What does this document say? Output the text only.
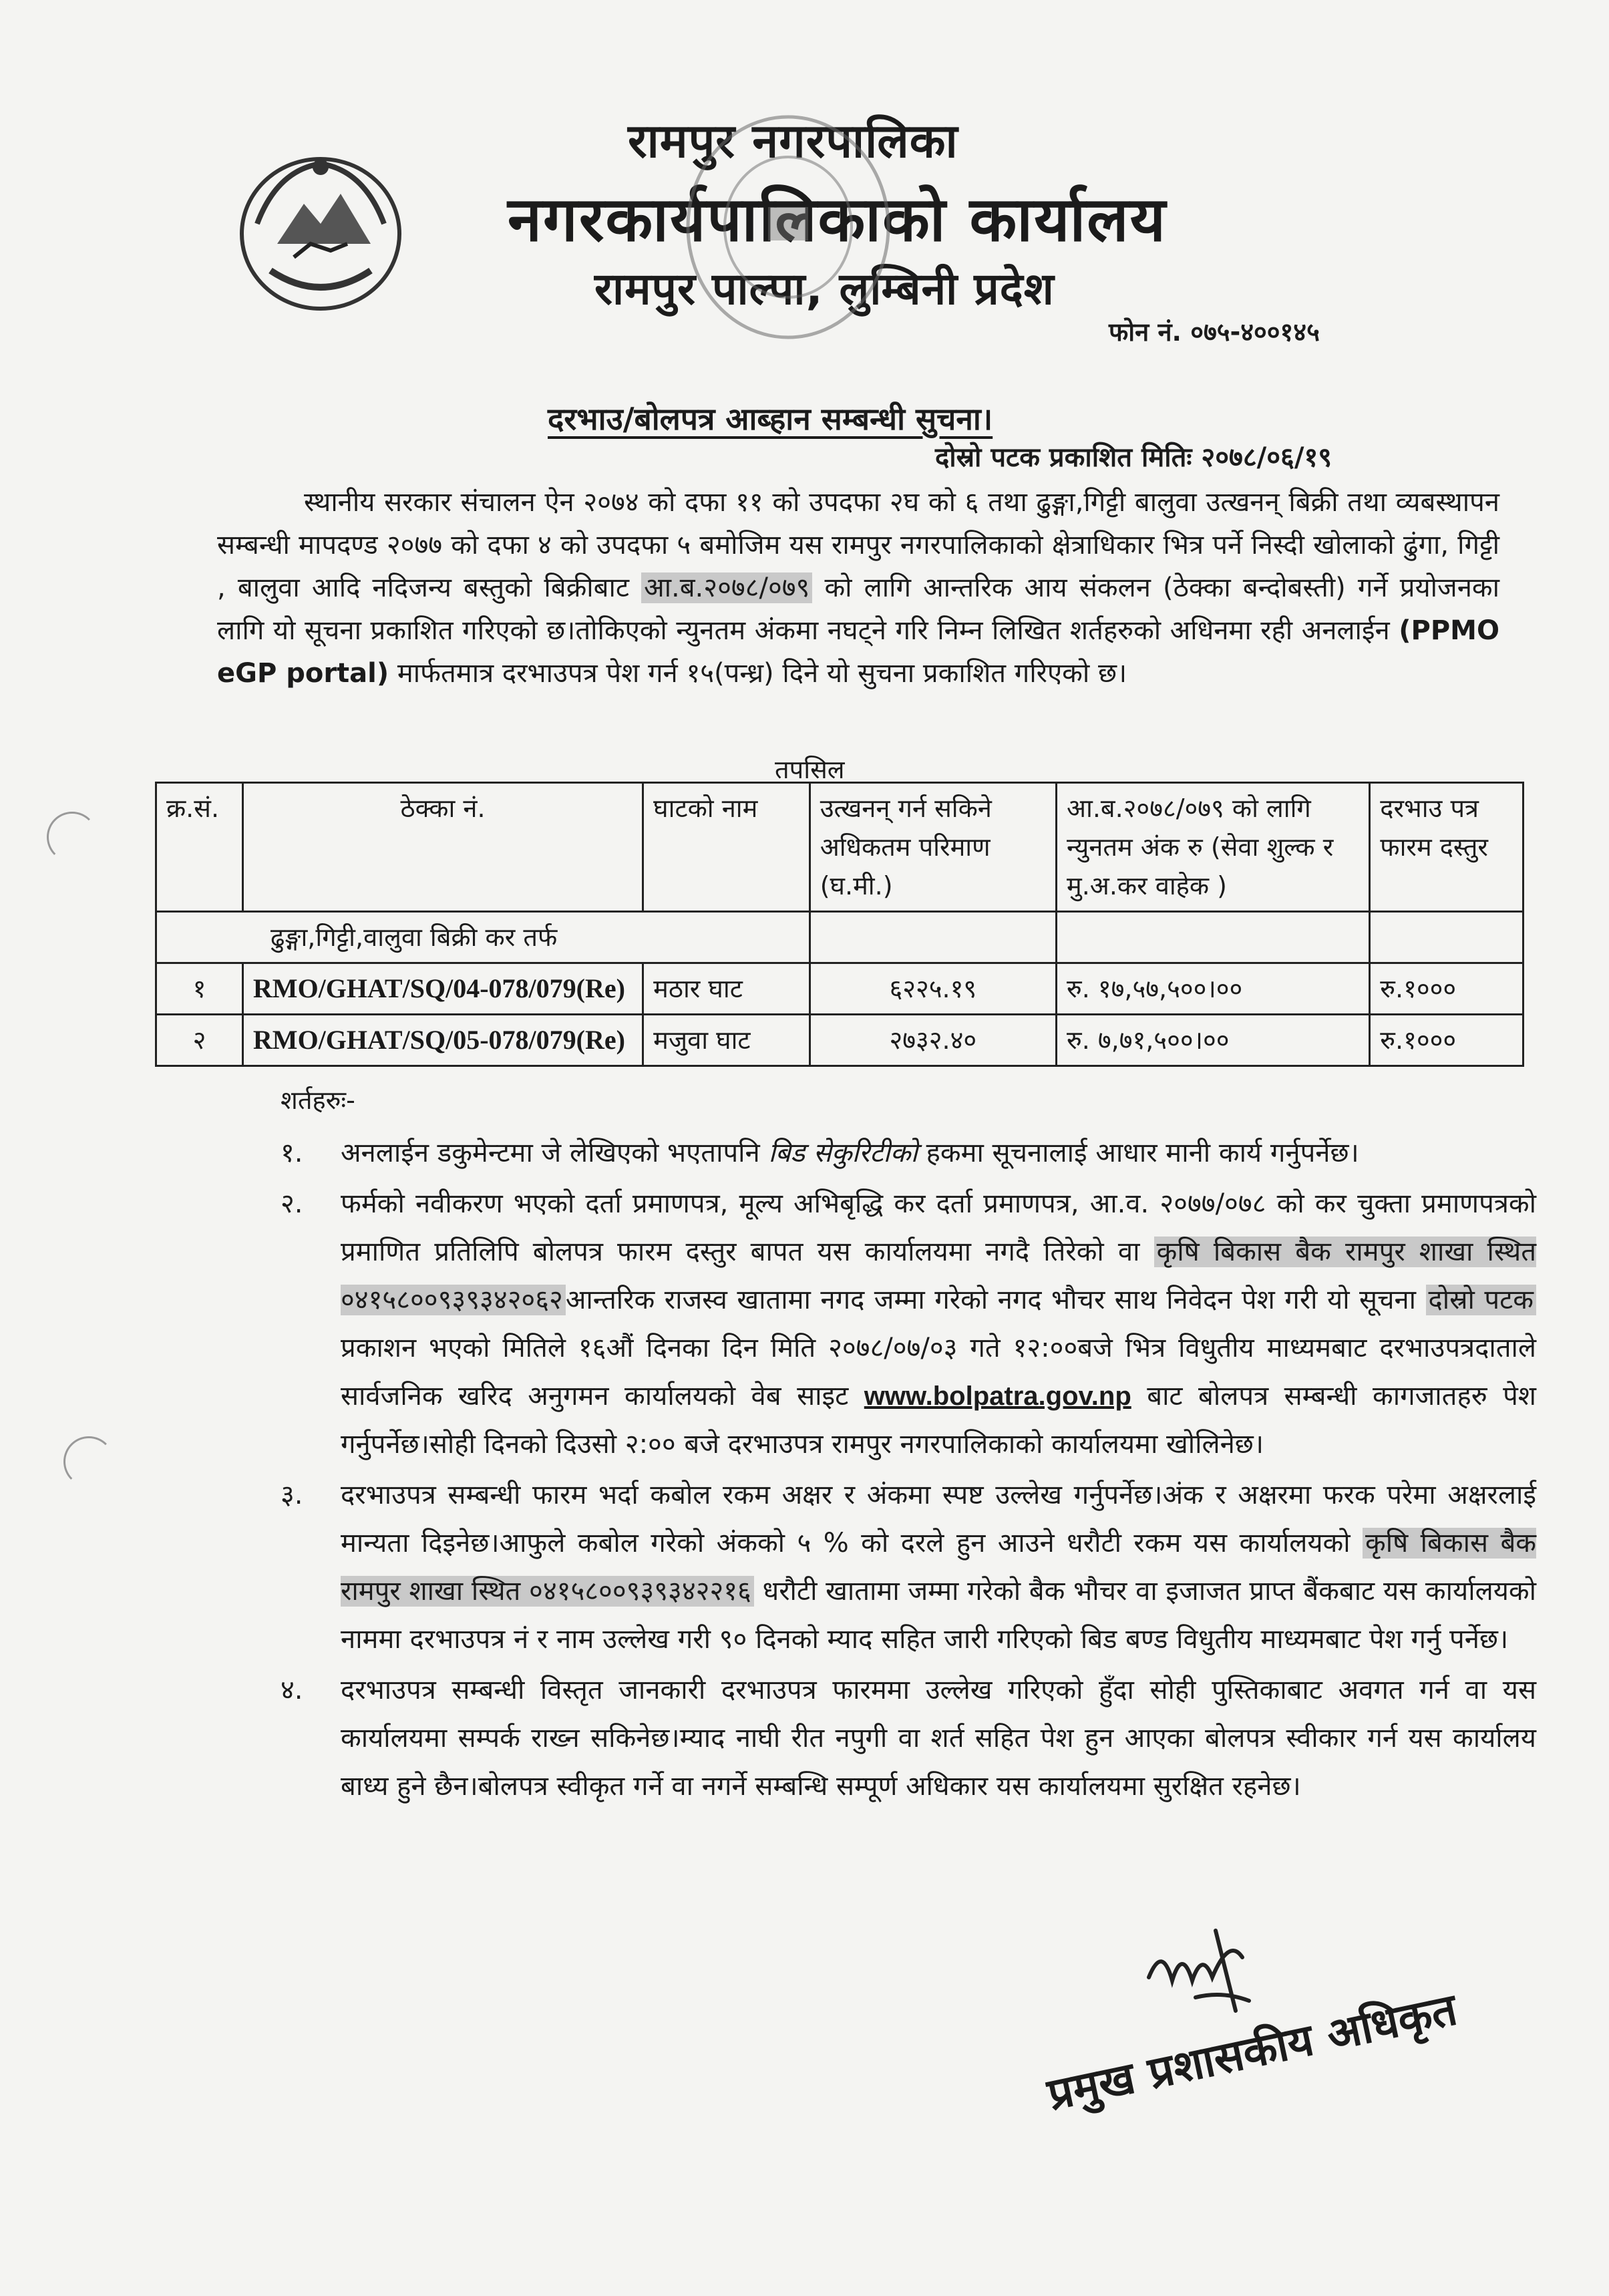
रामपुर नगरपालिका
नगरकार्यपालिकाको कार्यालय
रामपुर पाल्पा, लुम्बिनी प्रदेश
फोन नं. ०७५-४००१४५
दरभाउ/बोलपत्र आब्हान सम्बन्धी सुचना।
दोस्रो पटक प्रकाशित मितिः २०७८/०६/१९
स्थानीय सरकार संचालन ऐन २०७४ को दफा ११ को उपदफा २घ को ६ तथा ढुङ्गा,गिट्टी बालुवा उत्खनन् बिक्री तथा व्यबस्थापन सम्बन्धी मापदण्ड २०७७ को दफा ४ को उपदफा ५ बमोजिम यस रामपुर नगरपालिकाको क्षेत्राधिकार भित्र पर्ने निस्दी खोलाको ढुंगा, गिट्टी , बालुवा आदि नदिजन्य बस्तुको बिक्रीबाट आ.ब.२०७८/०७९ को लागि आन्तरिक आय संकलन (ठेक्का बन्दोबस्ती) गर्ने प्रयोजनका लागि यो सूचना प्रकाशित गरिएको छ।तोकिएको न्युनतम अंकमा नघट्ने गरि निम्न लिखित शर्तहरुको अधिनमा रही अनलाईन (PPMO eGP portal) मार्फतमात्र दरभाउपत्र पेश गर्न १५(पन्ध्र) दिने यो सुचना प्रकाशित गरिएको छ।
तपसिल
क्र.सं.	ठेक्का नं.	घाटको नाम	उत्खनन् गर्न सकिने अधिकतम परिमाण (घ.मी.)	आ.ब.२०७८/०७९ को लागि न्युनतम अंक रु (सेवा शुल्क र मु.अ.कर वाहेक )	दरभाउ पत्र फारम दस्तुर
ढुङ्गा,गिट्टी,वालुवा बिक्री कर तर्फ					
१	RMO/GHAT/SQ/04-078/079(Re)	मठार घाट	६२२५.१९	रु. १७,५७,५००।००	रु.१०००
२	RMO/GHAT/SQ/05-078/079(Re)	मजुवा घाट	२७३२.४०	रु. ७,७१,५००।००	रु.१०००
शर्तहरुः-
१. अनलाईन डकुमेन्टमा जे लेखिएको भएतापनि बिड सेकुरिटीको हकमा सूचनालाई आधार मानी कार्य गर्नुपर्नेछ।
२. फर्मको नवीकरण भएको दर्ता प्रमाणपत्र, मूल्य अभिबृद्धि कर दर्ता प्रमाणपत्र, आ.व. २०७७/०७८ को कर चुक्ता प्रमाणपत्रको प्रमाणित प्रतिलिपि बोलपत्र फारम दस्तुर बापत यस कार्यालयमा नगदै तिरेको वा कृषि बिकास बैक रामपुर शाखा स्थित ०४१५८००९३९३४२०६२ आन्तरिक राजस्व खातामा नगद जम्मा गरेको नगद भौचर साथ निवेदन पेश गरी यो सूचना दोस्रो पटक प्रकाशन भएको मितिले १६औं दिनका दिन मिति २०७८/०७/०३ गते १२:००बजे भित्र विधुतीय माध्यमबाट दरभाउपत्रदाताले सार्वजनिक खरिद अनुगमन कार्यालयको वेब साइट www.bolpatra.gov.np बाट बोलपत्र सम्बन्धी कागजातहरु पेश गर्नुपर्नेछ।सोही दिनको दिउसो २:०० बजे दरभाउपत्र रामपुर नगरपालिकाको कार्यालयमा खोलिनेछ।
३. दरभाउपत्र सम्बन्धी फारम भर्दा कबोल रकम अक्षर र अंकमा स्पष्ट उल्लेख गर्नुपर्नेछ।अंक र अक्षरमा फरक परेमा अक्षरलाई मान्यता दिइनेछ।आफुले कबोल गरेको अंकको ५ % को दरले हुन आउने धरौटी रकम यस कार्यालयको कृषि बिकास बैक रामपुर शाखा स्थित ०४१५८००९३९३४२२१६ धरौटी खातामा जम्मा गरेको बैक भौचर वा इजाजत प्राप्त बैंकबाट यस कार्यालयको नाममा दरभाउपत्र नं र नाम उल्लेख गरी ९० दिनको म्याद सहित जारी गरिएको बिड बण्ड विधुतीय माध्यमबाट पेश गर्नु पर्नेछ।
४. दरभाउपत्र सम्बन्धी विस्तृत जानकारी दरभाउपत्र फारममा उल्लेख गरिएको हुँदा सोही पुस्तिकाबाट अवगत गर्न वा यस कार्यालयमा सम्पर्क राख्न सकिनेछ।म्याद नाघी रीत नपुगी वा शर्त सहित पेश हुन आएका बोलपत्र स्वीकार गर्न यस कार्यालय बाध्य हुने छैन।बोलपत्र स्वीकृत गर्ने वा नगर्ने सम्बन्धि सम्पूर्ण अधिकार यस कार्यालयमा सुरक्षित रहनेछ।
प्रमुख प्रशासकीय अधिकृत
